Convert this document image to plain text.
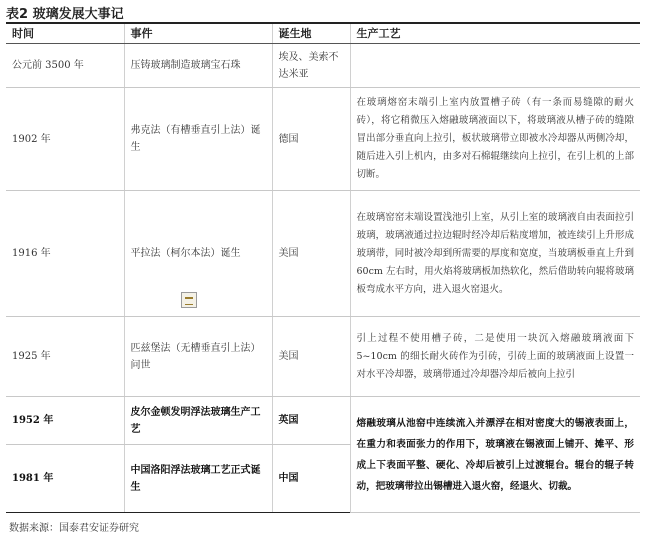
表2 玻璃发展大事记
时间	事件	诞生地	生产工艺
公元前 3500 年	压铸玻璃制造玻璃宝石珠	埃及、美索不达米亚	
1902 年	弗克法（有槽垂直引上法）诞生	德国	在玻璃熔窑末端引上室内放置槽子砖（有一条而易缝隙的耐火砖），将它稍微压入熔融玻璃液面以下，将玻璃液从槽子砖的缝隙冒出部分垂直向上拉引，板状玻璃带立即被水冷却器从两侧冷却，随后进入引上机内，由多对石棉辊继续向上拉引，在引上机的上部切断。
1916 年	平拉法（柯尔本法）诞生	美国	在玻璃窑窑末端设置浅池引上室，从引上室的玻璃液自由表面拉引玻璃，玻璃液通过拉边辊时经冷却后粘度增加，被连续引上升形成玻璃带，同时被冷却到所需要的厚度和宽度，当玻璃板垂直上升到 60cm 左右时，用火焰将玻璃板加热软化，然后借助转向辊将玻璃板弯成水平方向，进入退火窑退火。
1925 年	匹兹堡法（无槽垂直引上法）问世	美国	引上过程不使用槽子砖，二是使用一块沉入熔融玻璃液面下 5~10cm 的细长耐火砖作为引砖，引砖上面的玻璃液面上设置一对水平冷却器，玻璃带通过冷却器冷却后被向上拉引
1952 年	皮尔金顿发明浮法玻璃生产工艺	英国	熔融玻璃从池窑中连续流入并漂浮在相对密度大的锡液表面上，在重力和表面张力的作用下，玻璃液在锡液面上铺开、摊平、形成上下表面平整、硬化、冷却后被引上过渡辊台。辊台的辊子转动，把玻璃带拉出锡槽进入退火窑，经退火、切裁。
1981 年	中国洛阳浮法玻璃工艺正式诞生	中国	
数据来源：国泰君安证券研究
